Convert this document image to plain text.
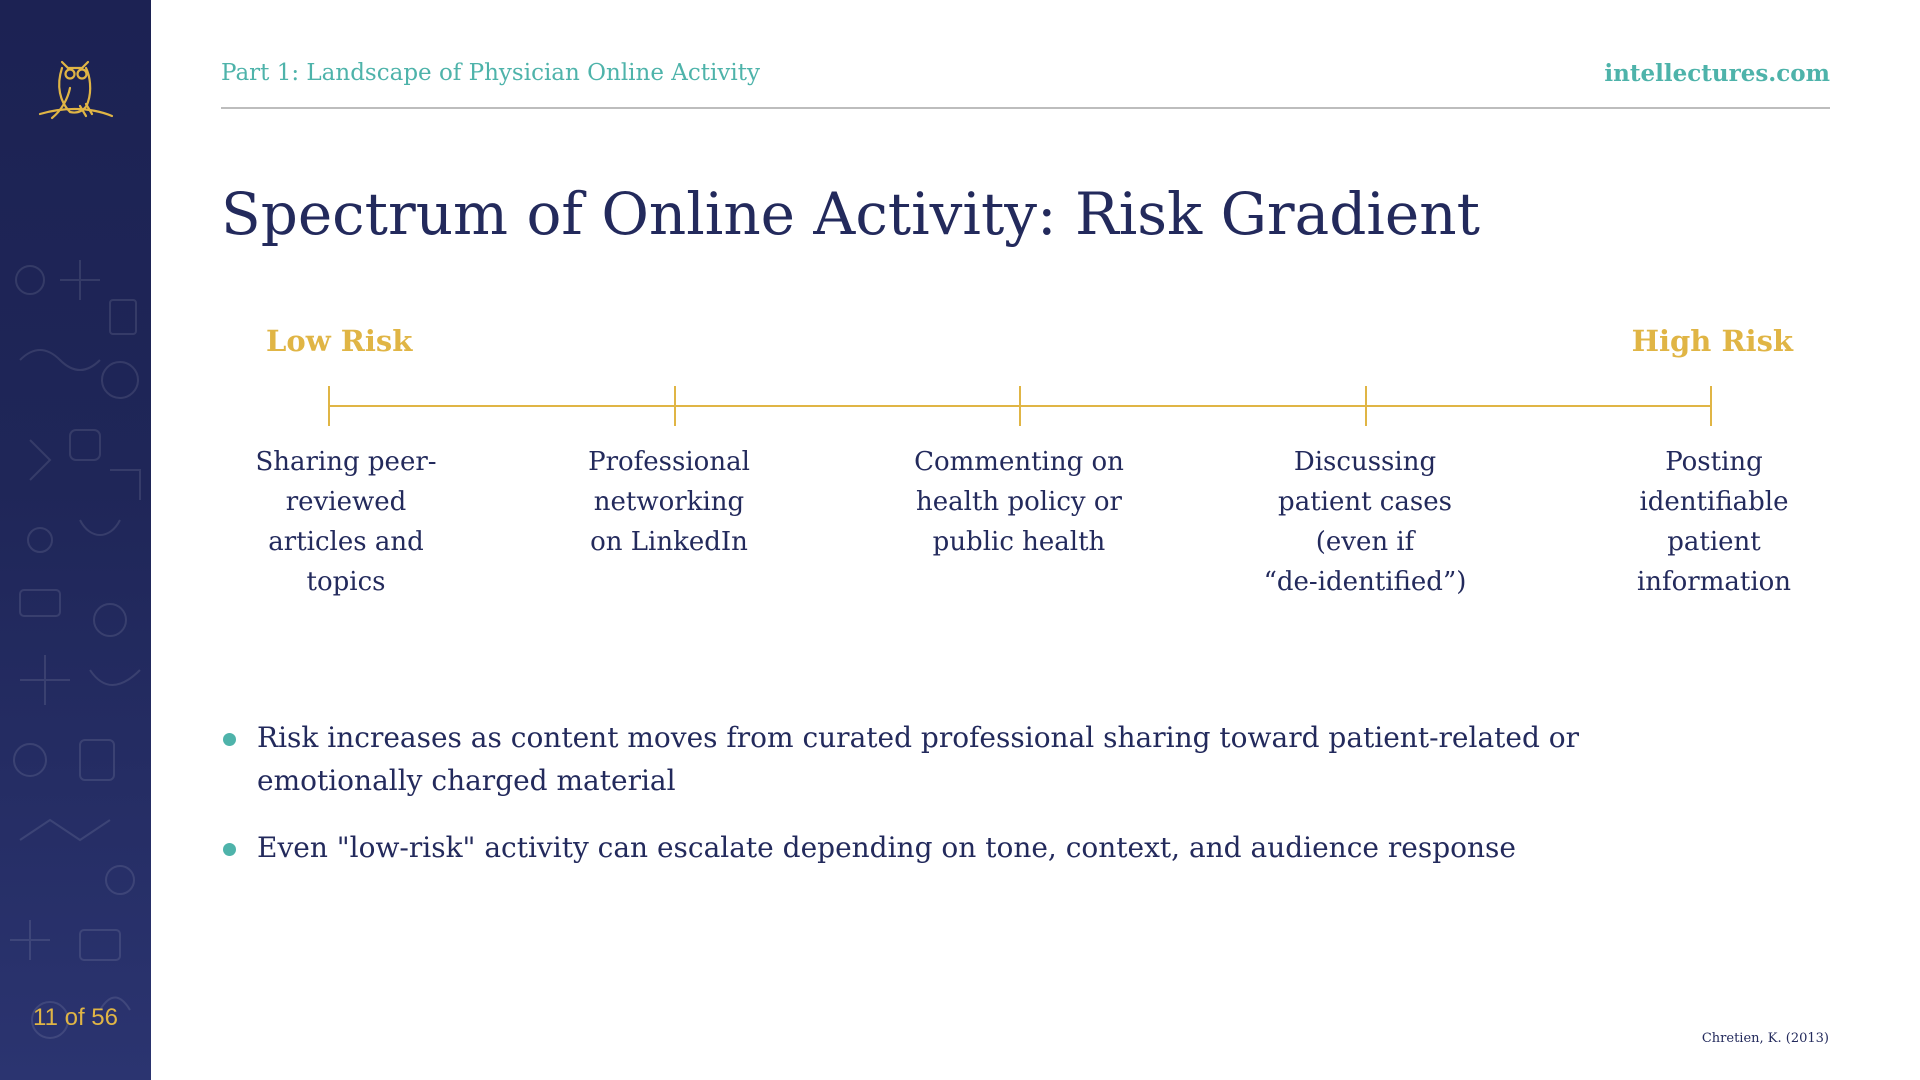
11 of 56
Part 1: Landscape of Physician Online Activity	intellectures.com
Spectrum of Online Activity: Risk Gradient
Low Risk	High Risk
Sharing peer-
reviewed
articles and
topics
Professional
networking
on LinkedIn
Commenting on
health policy or
public health
Discussing
patient cases
(even if
“de-identified”)
Posting
identifiable
patient
information
Risk increases as content moves from curated professional sharing toward patient-related or emotionally charged material
Even "low-risk" activity can escalate depending on tone, context, and audience response
Chretien, K. (2013)
